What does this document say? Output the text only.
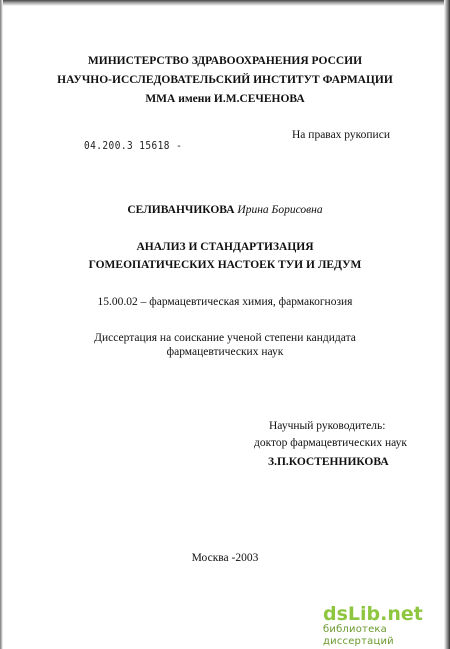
МИНИСТЕРСТВО ЗДРАВООХРАНЕНИЯ РОССИИ
НАУЧНО-ИССЛЕДОВАТЕЛЬСКИЙ ИНСТИТУТ ФАРМАЦИИ
ММА имени И.М.СЕЧЕНОВА
На правах рукописи
04.200.3 15618 -
СЕЛИВАНЧИКОВА Ирина Борисовна
АНАЛИЗ И СТАНДАРТИЗАЦИЯ
ГОМЕОПАТИЧЕСКИХ НАСТОЕК ТУИ И ЛЕДУМ
15.00.02 – фармацевтическая химия, фармакогнозия
Диссертация на соискание ученой степени кандидата
фармацевтических наук
Научный руководитель:
доктор фармацевтических наук
З.П.КОСТЕННИКОВА
Москва -2003
dsLib.net
библиотека диссертаций
